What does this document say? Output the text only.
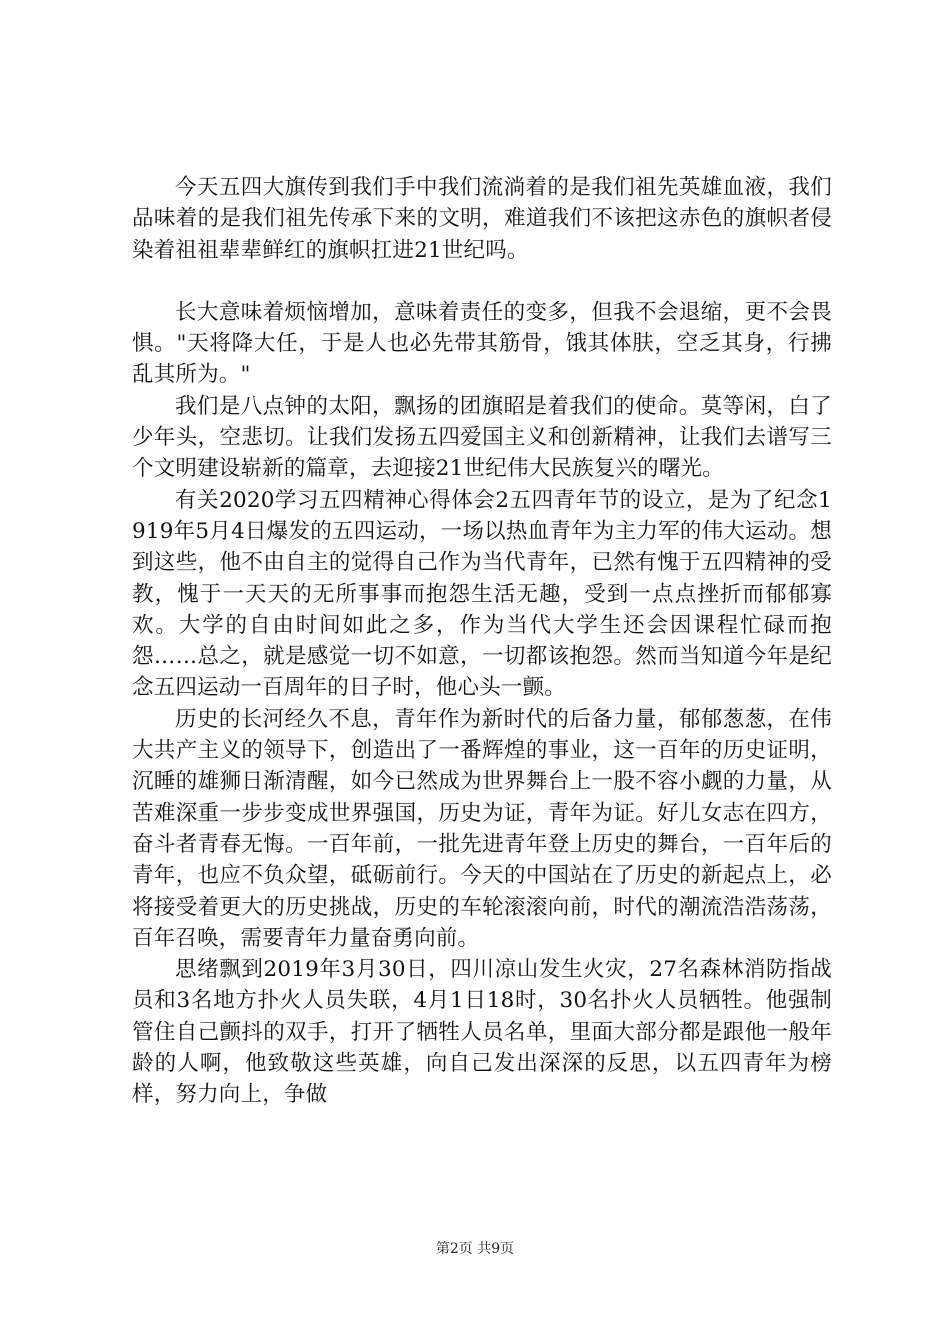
今天五四大旗传到我们手中我们流淌着的是我们祖先英雄血液，我们品味着的是我们祖先传承下来的文明，难道我们不该把这赤色的旗帜者侵染着祖祖辈辈鲜红的旗帜扛进21世纪吗。

长大意味着烦恼增加，意味着责任的变多，但我不会退缩，更不会畏惧。"天将降大任，于是人也必先带其筋骨，饿其体肤，空乏其身，行拂乱其所为。"

我们是八点钟的太阳，飘扬的团旗昭是着我们的使命。莫等闲，白了少年头，空悲切。让我们发扬五四爱国主义和创新精神，让我们去谱写三个文明建设崭新的篇章，去迎接21世纪伟大民族复兴的曙光。

有关2020学习五四精神心得体会2五四青年节的设立，是为了纪念1919年5月4日爆发的五四运动，一场以热血青年为主力军的伟大运动。想到这些，他不由自主的觉得自己作为当代青年，已然有愧于五四精神的受教，愧于一天天的无所事事而抱怨生活无趣，受到一点点挫折而郁郁寡欢。大学的自由时间如此之多，作为当代大学生还会因课程忙碌而抱怨……总之，就是感觉一切不如意，一切都该抱怨。然而当知道今年是纪念五四运动一百周年的日子时，他心头一颤。

历史的长河经久不息，青年作为新时代的后备力量，郁郁葱葱，在伟大共产主义的领导下，创造出了一番辉煌的事业，这一百年的历史证明，沉睡的雄狮日渐清醒，如今已然成为世界舞台上一股不容小觑的力量，从苦难深重一步步变成世界强国，历史为证，青年为证。好儿女志在四方，奋斗者青春无悔。一百年前，一批先进青年登上历史的舞台，一百年后的青年，也应不负众望，砥砺前行。今天的中国站在了历史的新起点上，必将接受着更大的历史挑战，历史的车轮滚滚向前，时代的潮流浩浩荡荡，百年召唤，需要青年力量奋勇向前。

思绪飘到2019年3月30日，四川凉山发生火灾，27名森林消防指战员和3名地方扑火人员失联，4月1日18时，30名扑火人员牺牲。他强制管住自己颤抖的双手，打开了牺牲人员名单，里面大部分都是跟他一般年龄的人啊，他致敬这些英雄，向自己发出深深的反思，以五四青年为榜样，努力向上，争做

第2页 共9页
